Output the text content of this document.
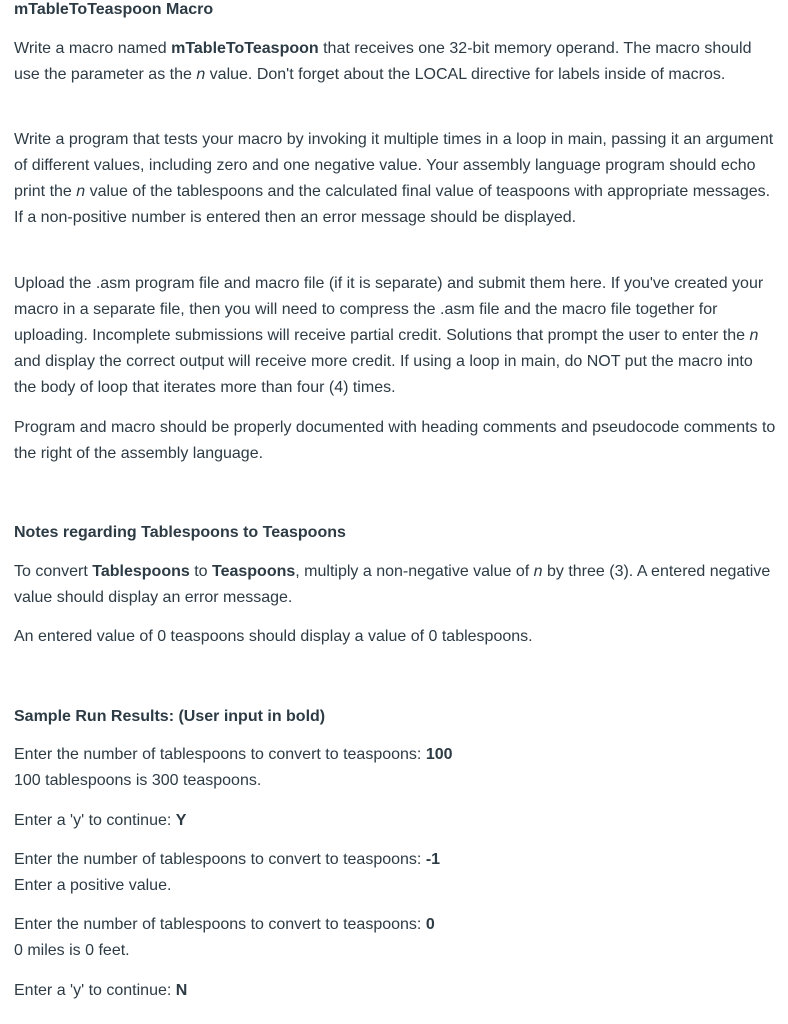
mTableToTeaspoon Macro

Write a macro named mTableToTeaspoon that receives one 32-bit memory operand. The macro should use the parameter as the n value. Don't forget about the LOCAL directive for labels inside of macros.

Write a program that tests your macro by invoking it multiple times in a loop in main, passing it an argument of different values, including zero and one negative value. Your assembly language program should echo print the n value of the tablespoons and the calculated final value of teaspoons with appropriate messages. If a non-positive number is entered then an error message should be displayed.

Upload the .asm program file and macro file (if it is separate) and submit them here. If you've created your macro in a separate file, then you will need to compress the .asm file and the macro file together for uploading. Incomplete submissions will receive partial credit. Solutions that prompt the user to enter the n and display the correct output will receive more credit. If using a loop in main, do NOT put the macro into the body of loop that iterates more than four (4) times.

Program and macro should be properly documented with heading comments and pseudocode comments to the right of the assembly language.

Notes regarding Tablespoons to Teaspoons

To convert Tablespoons to Teaspoons, multiply a non-negative value of n by three (3). A entered negative value should display an error message.

An entered value of 0 teaspoons should display a value of 0 tablespoons.

Sample Run Results: (User input in bold)

Enter the number of tablespoons to convert to teaspoons: 100
100 tablespoons is 300 teaspoons.

Enter a 'y' to continue: Y

Enter the number of tablespoons to convert to teaspoons: -1
Enter a positive value.

Enter the number of tablespoons to convert to teaspoons: 0
0 miles is 0 feet.

Enter a 'y' to continue: N
